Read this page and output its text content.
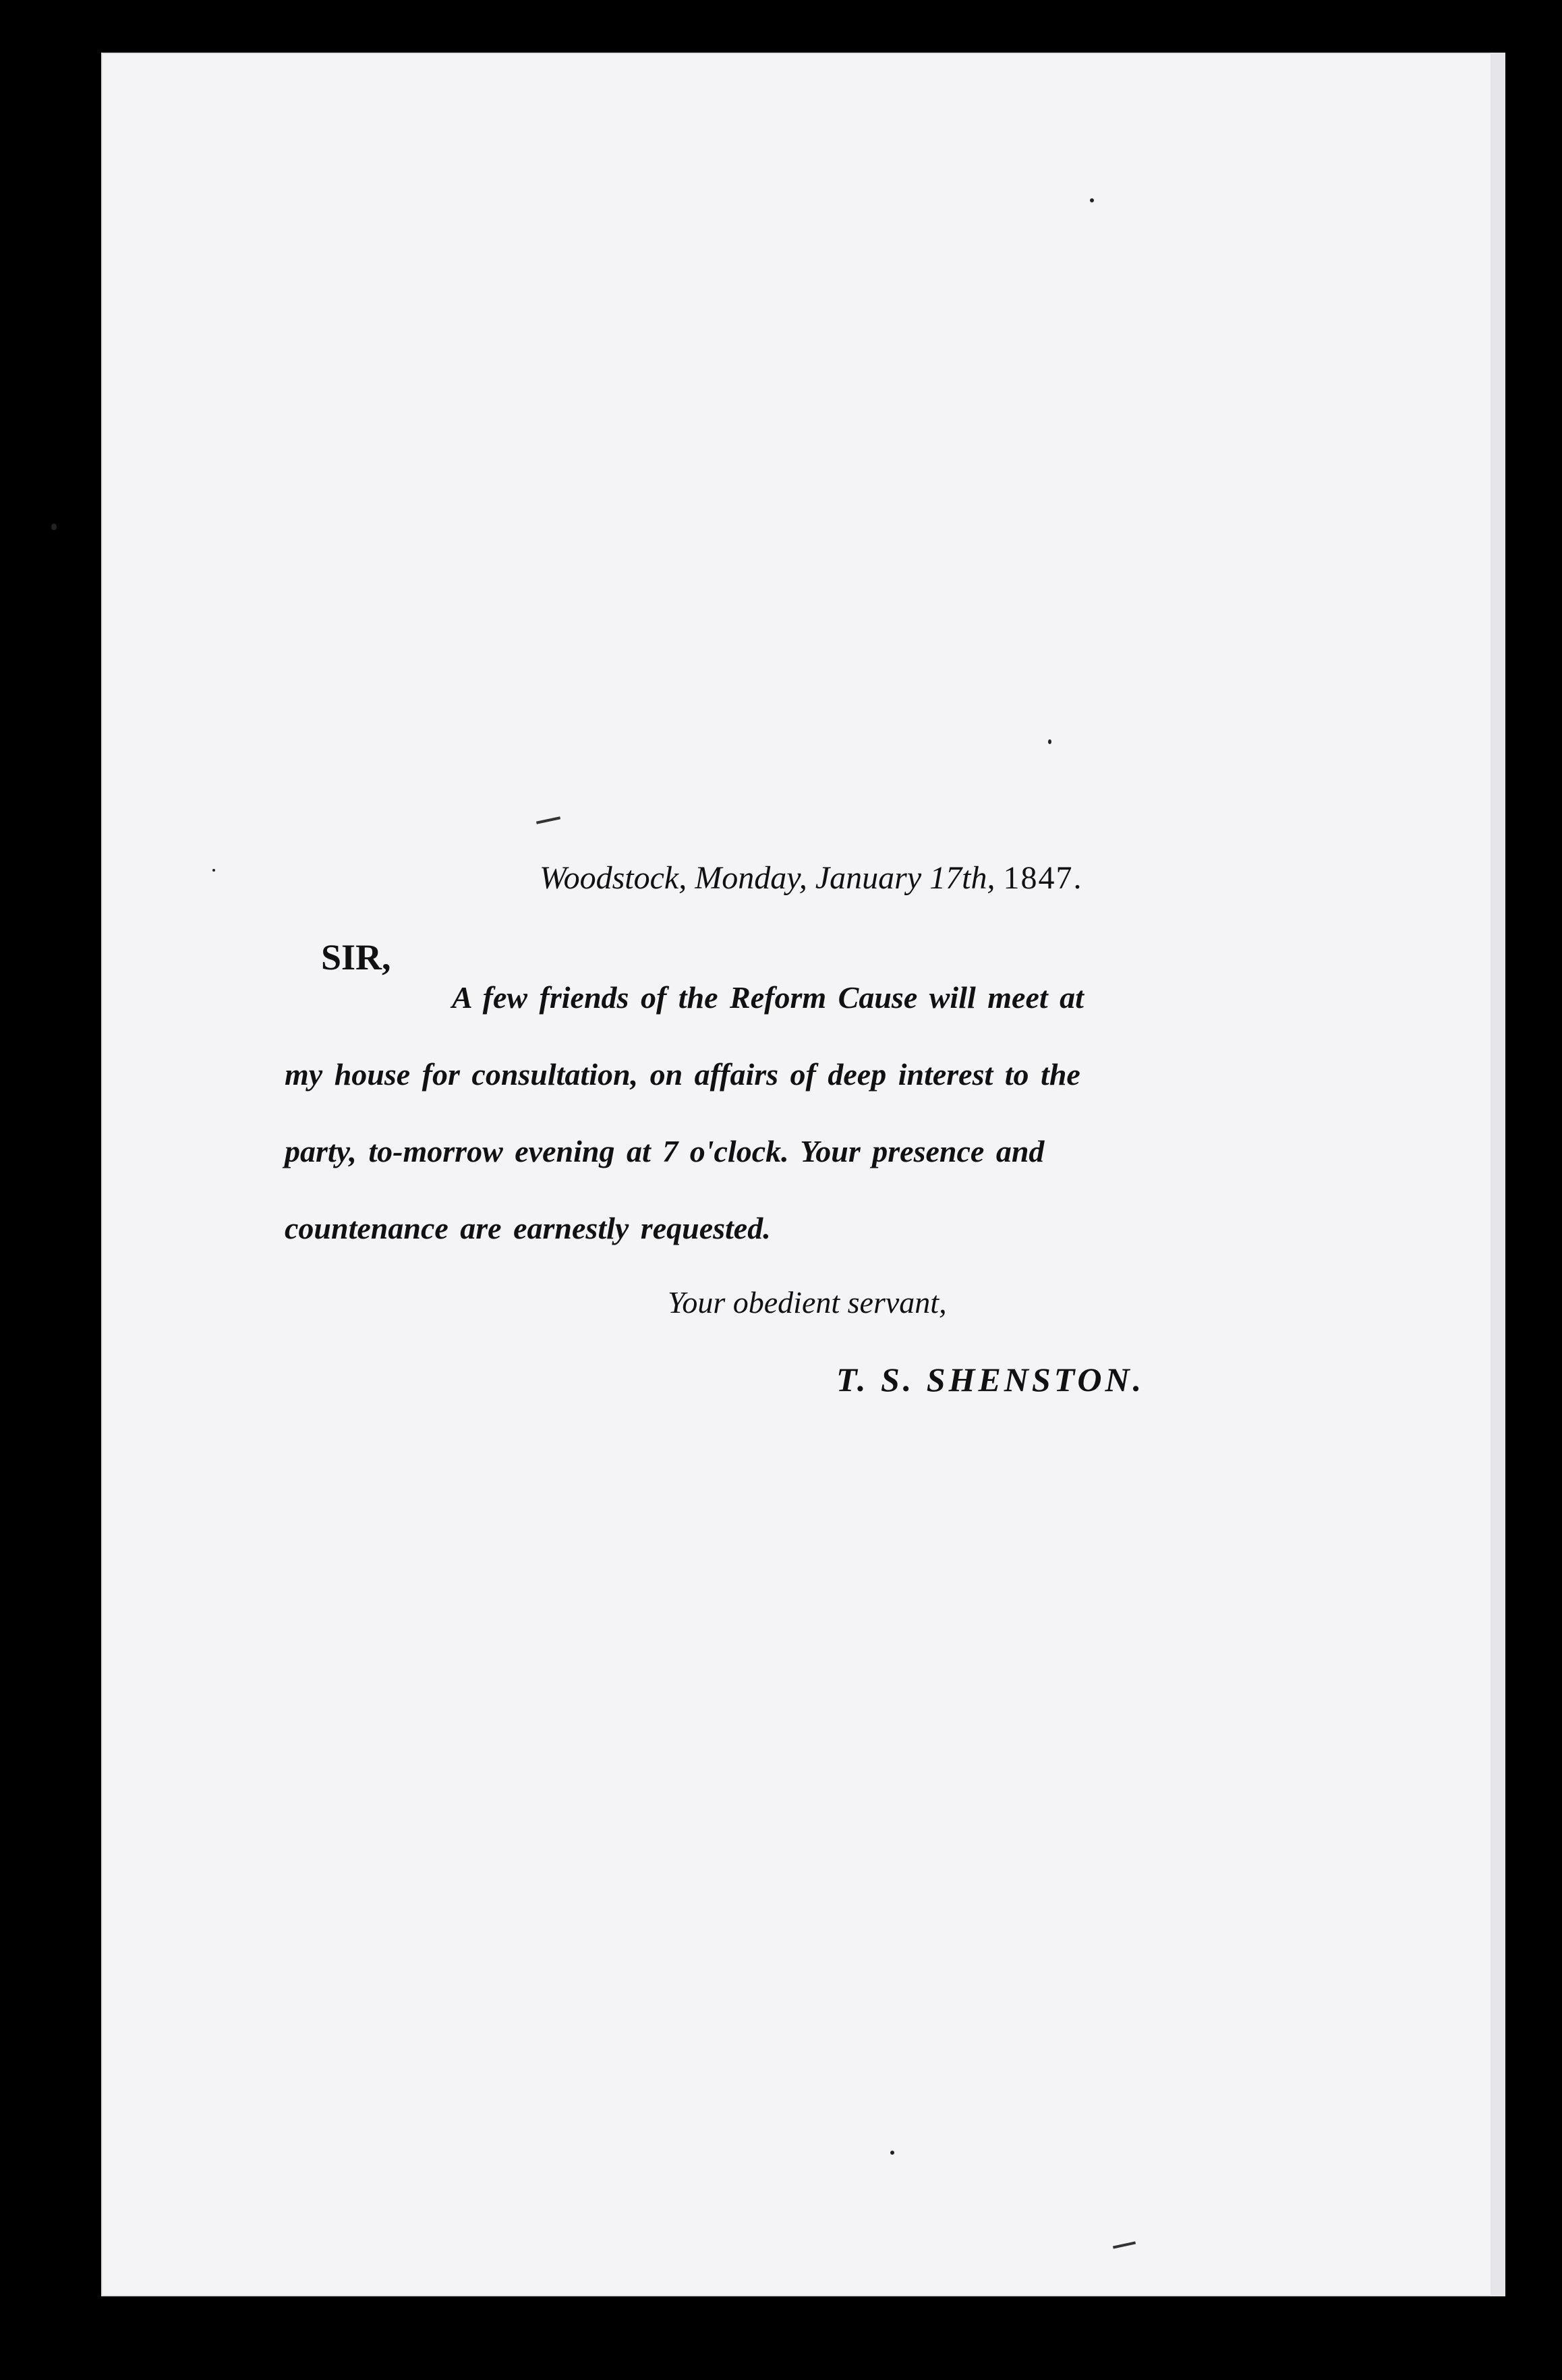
Woodstock, Monday, January 17th, 1847.

SIR,

A few friends of the Reform Cause will meet at

my house for consultation, on affairs of deep interest to the

party, to-morrow evening at 7 o'clock. Your presence and

countenance are earnestly requested.

Your obedient servant,

T. S. SHENSTON.
